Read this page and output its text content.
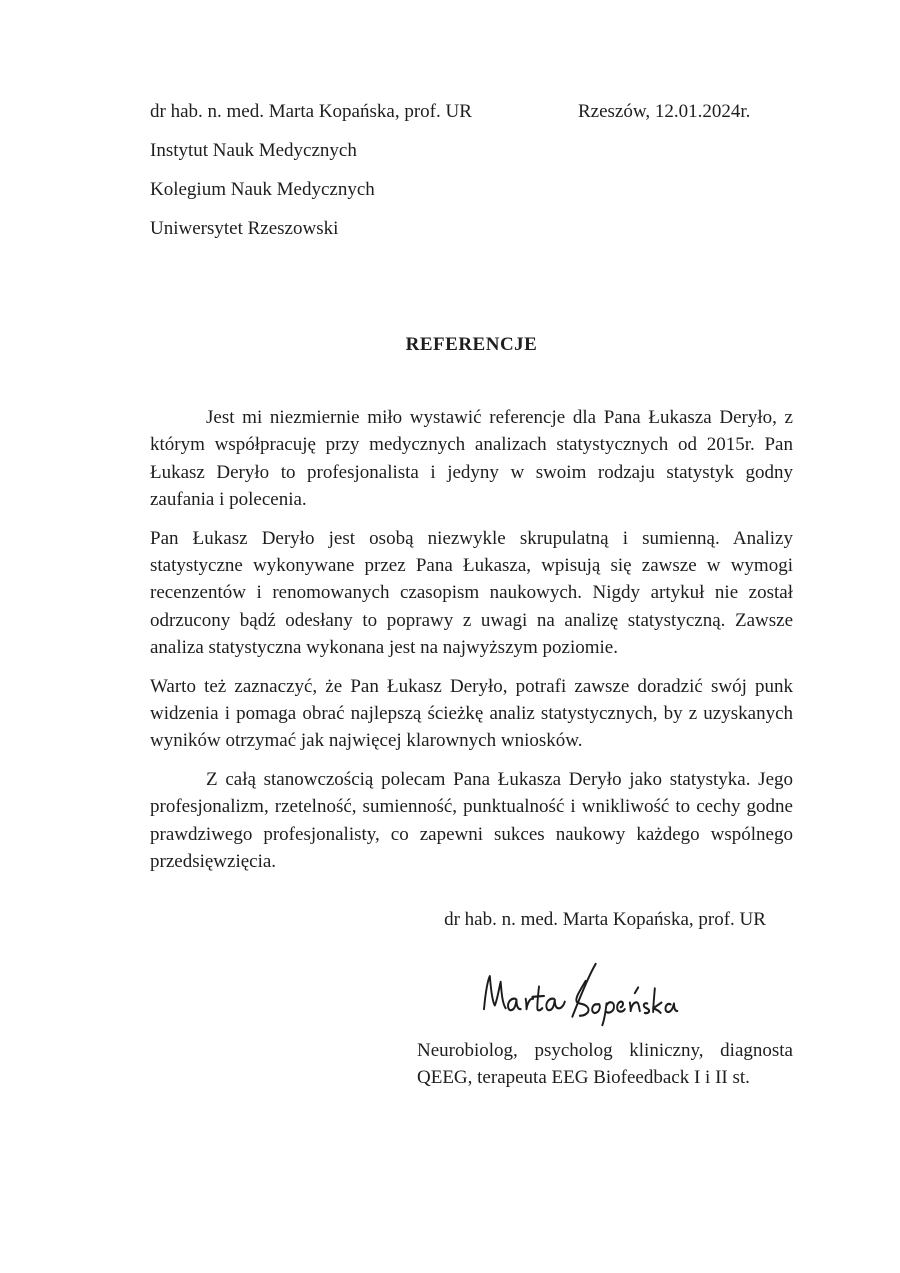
dr hab. n. med. Marta Kopańska, prof. UR	Rzeszów, 12.01.2024r.
Instytut Nauk Medycznych
Kolegium Nauk Medycznych
Uniwersytet Rzeszowski
REFERENCJE

Jest mi niezmiernie miło wystawić referencje dla Pana Łukasza Deryło, z którym współpracuję przy medycznych analizach statystycznych od 2015r. Pan Łukasz Deryło to profesjonalista i jedyny w swoim rodzaju statystyk godny zaufania i polecenia.

Pan Łukasz Deryło jest osobą niezwykle skrupulatną i sumienną. Analizy statystyczne wykonywane przez Pana Łukasza, wpisują się zawsze w wymogi recenzentów i renomowanych czasopism naukowych. Nigdy artykuł nie został odrzucony bądź odesłany to poprawy z uwagi na analizę statystyczną. Zawsze analiza statystyczna wykonana jest na najwyższym poziomie.

Warto też zaznaczyć, że Pan Łukasz Deryło, potrafi zawsze doradzić swój punk widzenia i pomaga obrać najlepszą ścieżkę analiz statystycznych, by z uzyskanych wyników otrzymać jak najwięcej klarownych wniosków.

Z całą stanowczością polecam Pana Łukasza Deryło jako statystyka. Jego profesjonalizm, rzetelność, sumienność, punktualność i wnikliwość to cechy godne prawdziwego profesjonalisty, co zapewni sukces naukowy każdego wspólnego przedsięwzięcia.

dr hab. n. med. Marta Kopańska, prof. UR
Neurobiolog, psycholog kliniczny, diagnosta
QEEG, terapeuta EEG Biofeedback I i II st.
